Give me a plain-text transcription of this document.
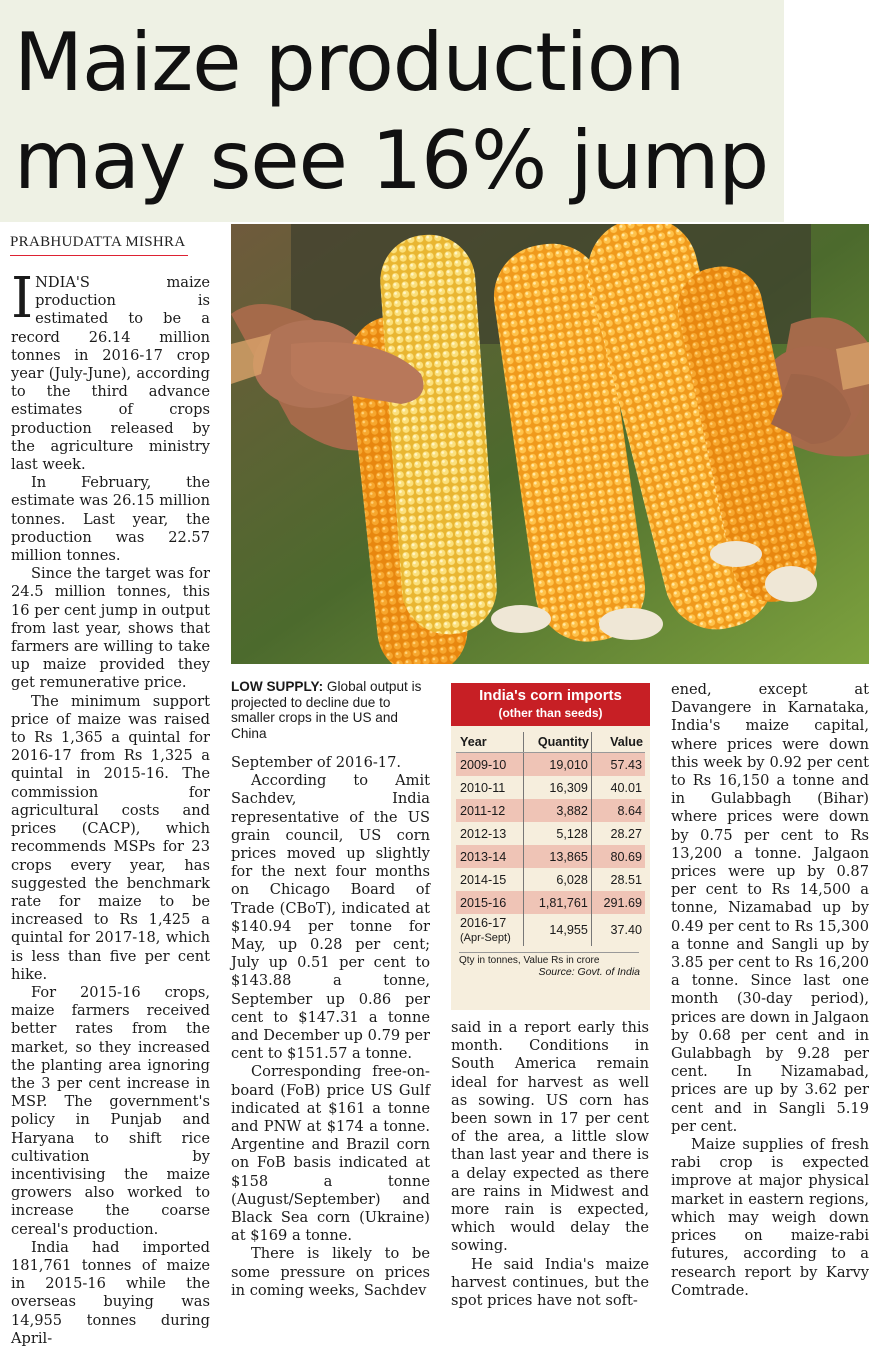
Maize production
may see 16% jump
PRABHUDATTA MISHRA

INDIA'S maize production is estimated to be a record 26.14 million tonnes in 2016-17 crop year (July-June), according to the third advance estimates of crops production released by the agriculture ministry last week.

In February, the estimate was 26.15 million tonnes. Last year, the production was 22.57 million tonnes.

Since the target was for 24.5 million tonnes, this 16 per cent jump in output from last year, shows that farmers are willing to take up maize provided they get remunerative price.

The minimum support price of maize was raised to Rs 1,365 a quintal for 2016-17 from Rs 1,325 a quintal in 2015-16. The commission for agricultural costs and prices (CACP), which recommends MSPs for 23 crops every year, has suggested the benchmark rate for maize to be increased to Rs 1,425 a quintal for 2017-18, which is less than five per cent hike.

For 2015-16 crops, maize farmers received better rates from the market, so they increased the planting area ignoring the 3 per cent increase in MSP. The government's policy in Punjab and Haryana to shift rice cultivation by incentivising the maize growers also worked to increase the coarse cereal's production.

India had imported 181,761 tonnes of maize in 2015-16 while the overseas buying was 14,955 tonnes during April-

LOW SUPPLY: Global output is projected to decline due to smaller crops in the US and China

September of 2016-17.

According to Amit Sachdev, India representative of the US grain council, US corn prices moved up slightly for the next four months on Chicago Board of Trade (CBoT), indicated at $140.94 per tonne for May, up 0.28 per cent; July up 0.51 per cent to $143.88 a tonne, September up 0.86 per cent to $147.31 a tonne and December up 0.79 per cent to $151.57 a tonne.

Corresponding free-on-board (FoB) price US Gulf indicated at $161 a tonne and PNW at $174 a tonne. Argentine and Brazil corn on FoB basis indicated at $158 a tonne (August/September) and Black Sea corn (Ukraine) at $169 a tonne.

There is likely to be some pressure on prices in coming weeks, Sachdev

India's corn imports
(other than seeds)
Year	Quantity	Value
2009-10	19,010	57.43
2010-11	16,309	40.01
2011-12	3,882	8.64
2012-13	5,128	28.27
2013-14	13,865	80.69
2014-15	6,028	28.51
2015-16	1,81,761	291.69
2016-17
(Apr-Sept)	14,955	37.40
Qty in tonnes, Value Rs in crore
Source: Govt. of India

said in a report early this month. Conditions in South America remain ideal for harvest as well as sowing. US corn has been sown in 17 per cent of the area, a little slow than last year and there is a delay expected as there are rains in Midwest and more rain is expected, which would delay the sowing.

He said India's maize harvest continues, but the spot prices have not soft-

ened, except at Davangere in Karnataka, India's maize capital, where prices were down this week by 0.92 per cent to Rs 16,150 a tonne and in Gulabbagh (Bihar) where prices were down by 0.75 per cent to Rs 13,200 a tonne. Jalgaon prices were up by 0.87 per cent to Rs 14,500 a tonne, Nizamabad up by 0.49 per cent to Rs 15,300 a tonne and Sangli up by 3.85 per cent to Rs 16,200 a tonne. Since last one month (30-day period), prices are down in Jalgaon by 0.68 per cent and in Gulabbagh by 9.28 per cent. In Nizamabad, prices are up by 3.62 per cent and in Sangli 5.19 per cent.

Maize supplies of fresh rabi crop is expected improve at major physical market in eastern regions, which may weigh down prices on maize-rabi futures, according to a research report by Karvy Comtrade.
